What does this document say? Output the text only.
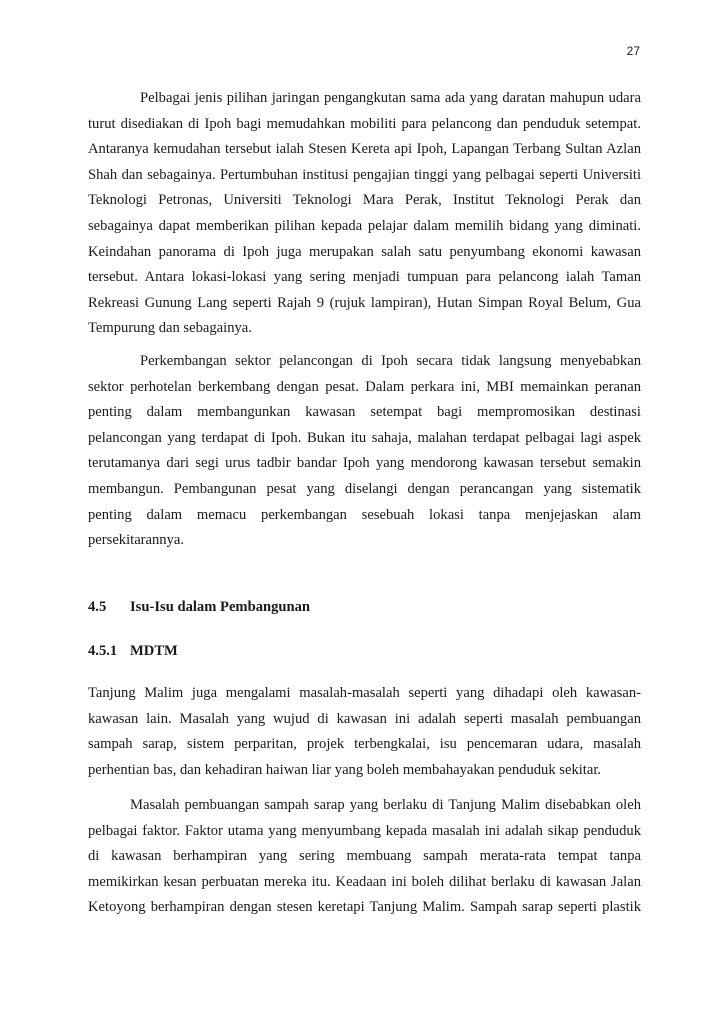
27
Pelbagai jenis pilihan jaringan pengangkutan sama ada yang daratan mahupun udara
turut disediakan di Ipoh bagi memudahkan mobiliti para pelancong dan penduduk setempat.
Antaranya kemudahan tersebut ialah Stesen Kereta api Ipoh, Lapangan Terbang Sultan Azlan
Shah dan sebagainya. Pertumbuhan institusi pengajian tinggi yang pelbagai seperti Universiti
Teknologi Petronas, Universiti Teknologi Mara Perak, Institut Teknologi Perak dan
sebagainya dapat memberikan pilihan kepada pelajar dalam memilih bidang yang diminati.
Keindahan panorama di Ipoh juga merupakan salah satu penyumbang ekonomi kawasan
tersebut. Antara lokasi-lokasi yang sering menjadi tumpuan para pelancong ialah Taman
Rekreasi Gunung Lang seperti Rajah 9 (rujuk lampiran), Hutan Simpan Royal Belum, Gua
Tempurung dan sebagainya.
Perkembangan sektor pelancongan di Ipoh secara tidak langsung menyebabkan
sektor perhotelan berkembang dengan pesat. Dalam perkara ini, MBI memainkan peranan
penting dalam membangunkan kawasan setempat bagi mempromosikan destinasi
pelancongan yang terdapat di Ipoh. Bukan itu sahaja, malahan terdapat pelbagai lagi aspek
terutamanya dari segi urus tadbir bandar Ipoh yang mendorong kawasan tersebut semakin
membangun. Pembangunan pesat yang diselangi dengan perancangan yang sistematik
penting dalam memacu perkembangan sesebuah lokasi tanpa menjejaskan alam
persekitarannya.
4.5 Isu-Isu dalam Pembangunan
4.5.1 MDTM
Tanjung Malim juga mengalami masalah-masalah seperti yang dihadapi oleh kawasan-
kawasan lain. Masalah yang wujud di kawasan ini adalah seperti masalah pembuangan
sampah sarap, sistem perparitan, projek terbengkalai, isu pencemaran udara, masalah
perhentian bas, dan kehadiran haiwan liar yang boleh membahayakan penduduk sekitar.
Masalah pembuangan sampah sarap yang berlaku di Tanjung Malim disebabkan oleh
pelbagai faktor. Faktor utama yang menyumbang kepada masalah ini adalah sikap penduduk
di kawasan berhampiran yang sering membuang sampah merata-rata tempat tanpa
memikirkan kesan perbuatan mereka itu. Keadaan ini boleh dilihat berlaku di kawasan Jalan
Ketoyong berhampiran dengan stesen keretapi Tanjung Malim. Sampah sarap seperti plastik
